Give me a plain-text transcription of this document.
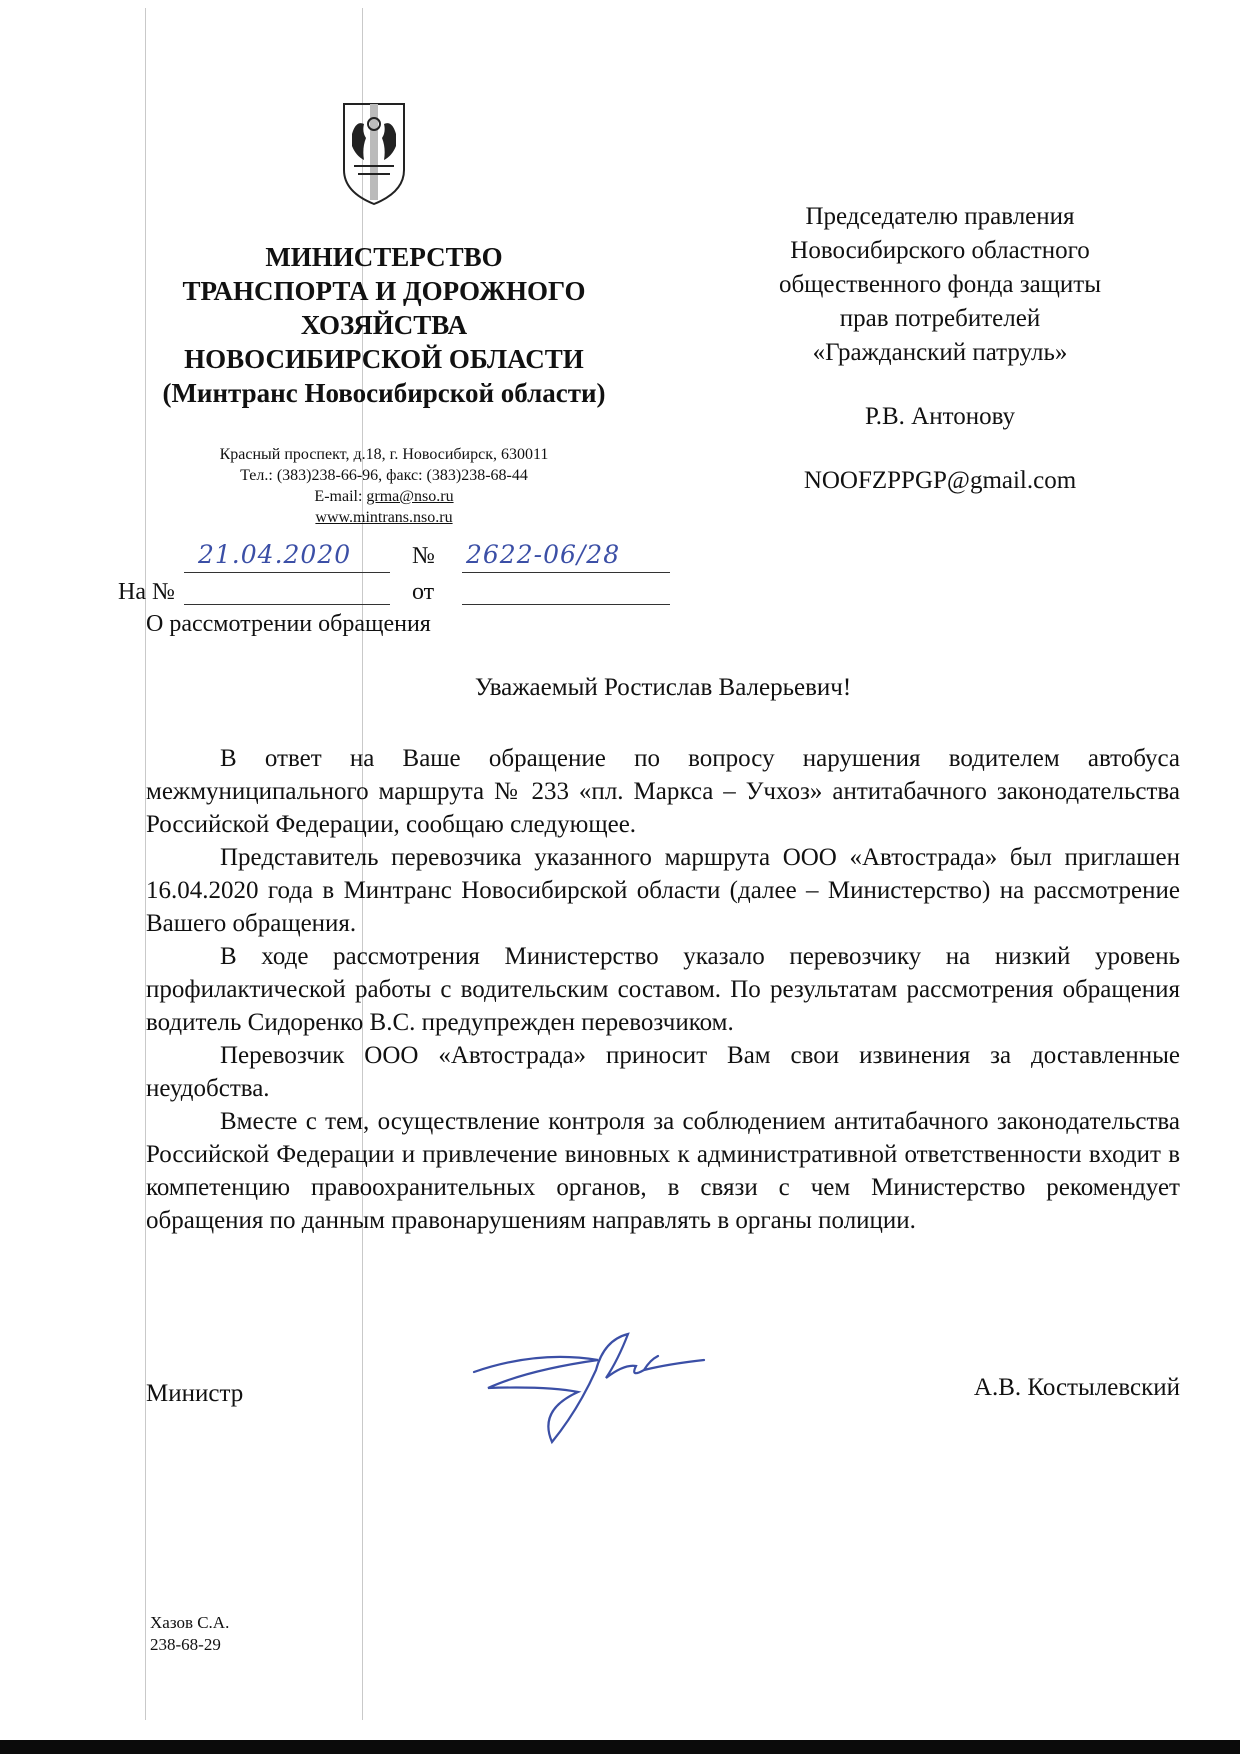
МИНИСТЕРСТВО
ТРАНСПОРТА И ДОРОЖНОГО
ХОЗЯЙСТВА
НОВОСИБИРСКОЙ ОБЛАСТИ
(Минтранс Новосибирской области)
Красный проспект, д.18, г. Новосибирск, 630011
Тел.: (383)238-66-96, факс: (383)238-68-44
E-mail: grma@nso.ru
www.mintrans.nso.ru
21.04.2020	№ 2622-06/28
На №	от
О рассмотрении обращения
Председателю правления
Новосибирского областного
общественного фонда защиты
прав потребителей
«Гражданский патруль»
Р.В. Антонову
NOOFZPPGP@gmail.com
Уважаемый Ростислав Валерьевич!

В ответ на Ваше обращение по вопросу нарушения водителем автобуса межмуниципального маршрута № 233 «пл. Маркса – Учхоз» антитабачного законодательства Российской Федерации, сообщаю следующее.

Представитель перевозчика указанного маршрута ООО «Автострада» был приглашен 16.04.2020 года в Минтранс Новосибирской области (далее – Министерство) на рассмотрение Вашего обращения.

В ходе рассмотрения Министерство указало перевозчику на низкий уровень профилактической работы с водительским составом. По результатам рассмотрения обращения водитель Сидоренко В.С. предупрежден перевозчиком.

Перевозчик ООО «Автострада» приносит Вам свои извинения за доставленные неудобства.

Вместе с тем, осуществление контроля за соблюдением антитабачного законодательства Российской Федерации и привлечение виновных к административной ответственности входит в компетенцию правоохранительных органов, в связи с чем Министерство рекомендует обращения по данным правонарушениям направлять в органы полиции.

Министр	А.В. Костылевский
Хазов С.А.
238-68-29
